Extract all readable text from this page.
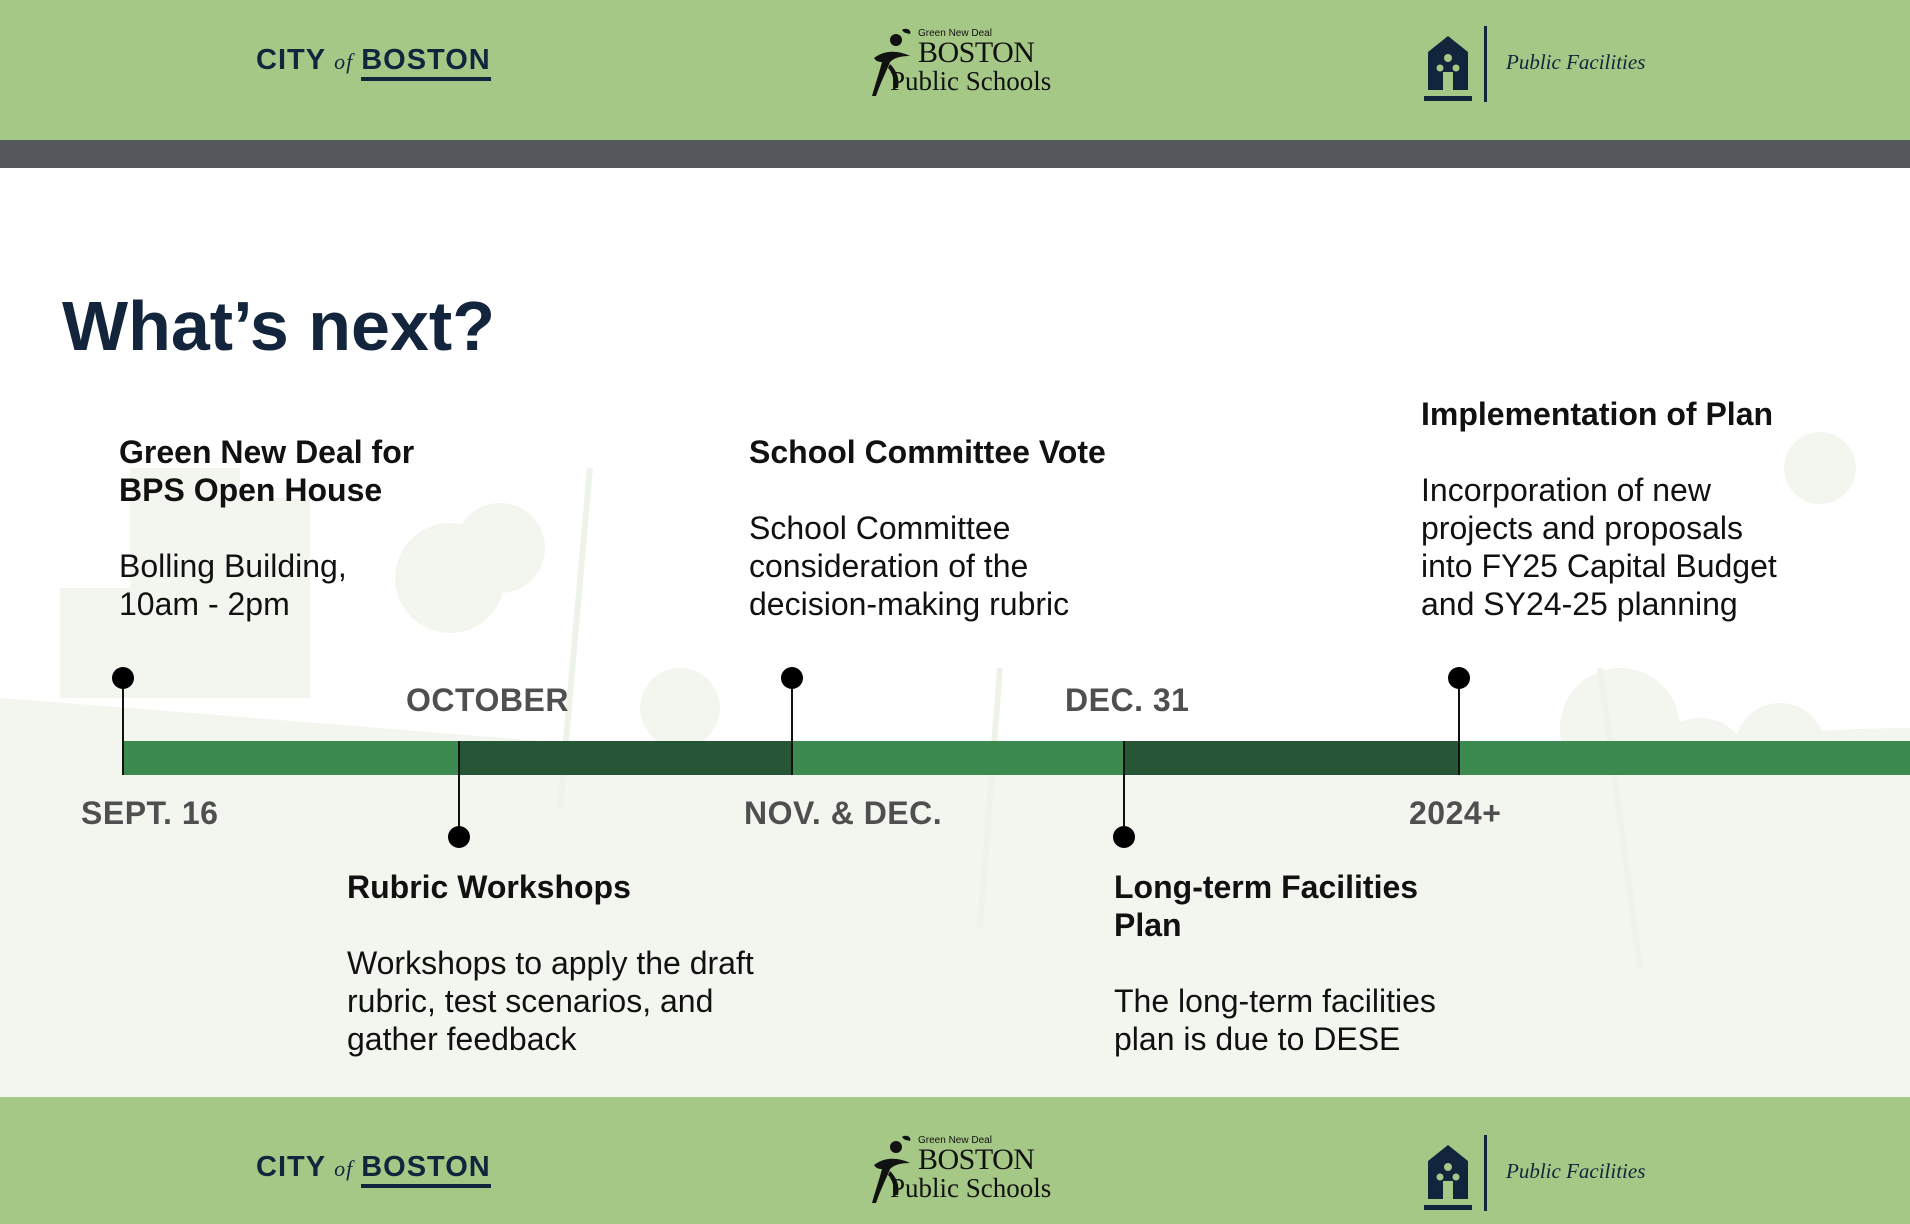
CITY of BOSTON
Green New Deal
BOSTON
Public Schools
Public Facilities
What’s next?

Green New Deal for
BPS Open House

Bolling Building,
10am - 2pm

School Committee Vote

School Committee
consideration of the
decision-making rubric

Implementation of Plan

Incorporation of new
projects and proposals
into FY25 Capital Budget
and SY24-25 planning

Rubric Workshops

Workshops to apply the draft
rubric, test scenarios, and
gather feedback

Long-term Facilities
Plan

The long-term facilities
plan is due to DESE

SEPT. 16
OCTOBER
NOV. & DEC.
DEC. 31
2024+
CITY of BOSTON
Green New Deal
BOSTON
Public Schools
Public Facilities
